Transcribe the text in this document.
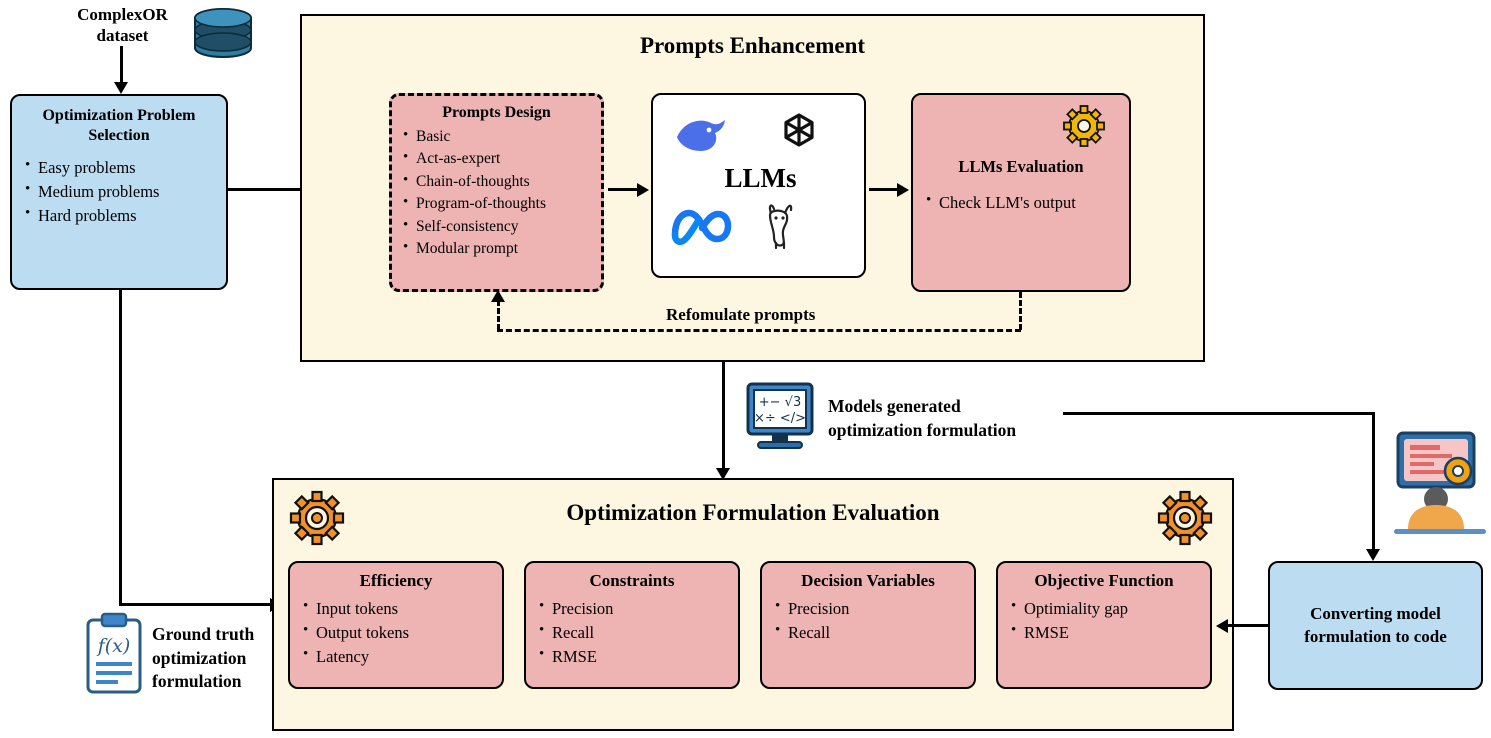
ComplexOR
dataset
Optimization Problem
Selection
• Easy problems
• Medium problems
• Hard problems
Prompts Enhancement
Prompts Design
• Basic
• Act-as-expert
• Chain-of-thoughts
• Program-of-thoughts
• Self-consistency
• Modular prompt
LLMs	LLMs Evaluation
• Check LLM's output
Refomulate prompts
+− √3
×÷ </>
Models generated
optimization formulation
Optimization Formulation Evaluation
Efficiency
• Input tokens
• Output tokens
• Latency
Constraints
• Precision
• Recall
• RMSE
Decision Variables
• Precision
• Recall
Objective Function
• Optimiality gap
• RMSE
f(x)
Ground truth
optimization
formulation
Converting model
formulation to code
